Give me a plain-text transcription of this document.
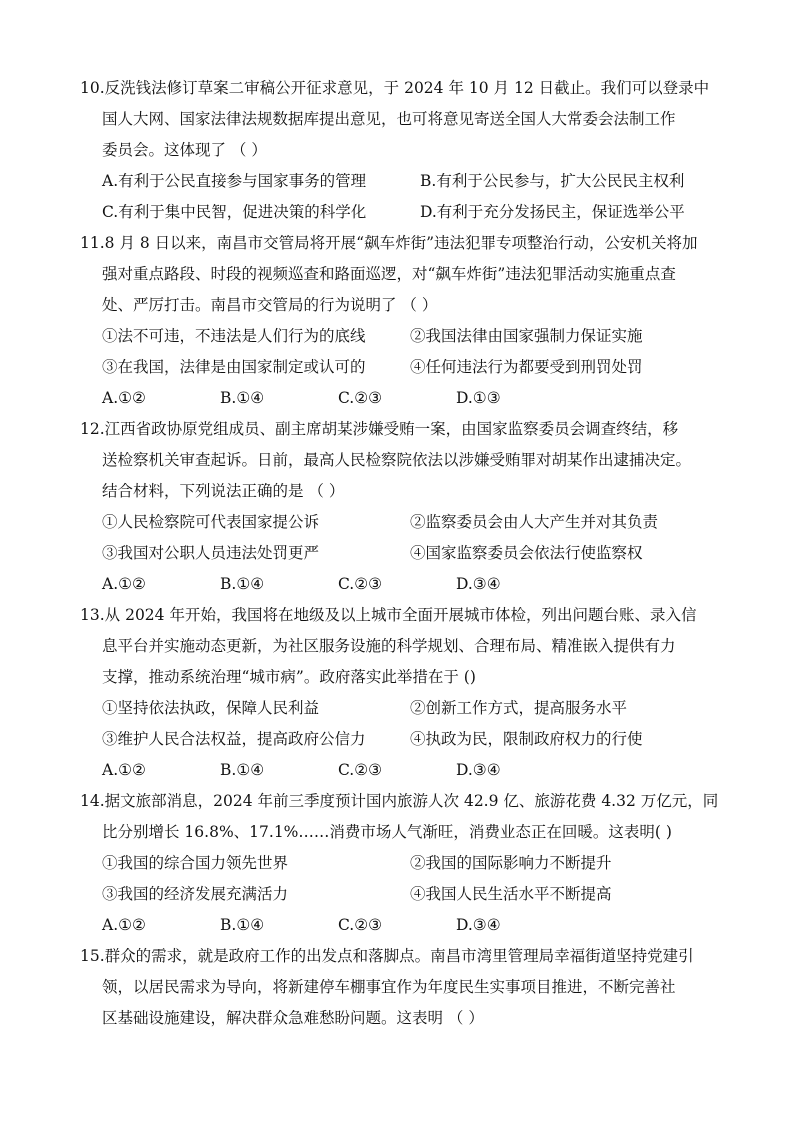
10.反洗钱法修订草案二审稿公开征求意见，于 2024 年 10 月 12 日截止。我们可以登录中
国人大网、国家法律法规数据库提出意见，也可将意见寄送全国人大常委会法制工作
委员会。这体现了 （ ）
A.有利于公民直接参与国家事务的管理	B.有利于公民参与，扩大公民民主权利
C.有利于集中民智，促进决策的科学化	D.有利于充分发扬民主，保证选举公平
11.8 月 8 日以来，南昌市交管局将开展“飙车炸街”违法犯罪专项整治行动，公安机关将加
强对重点路段、时段的视频巡查和路面巡逻，对“飙车炸街”违法犯罪活动实施重点查
处、严厉打击。南昌市交管局的行为说明了 （ ）
①法不可违，不违法是人们行为的底线	②我国法律由国家强制力保证实施
③在我国，法律是由国家制定或认可的	④任何违法行为都要受到刑罚处罚
A.①②	B.①④	C.②③	D.①③
12.江西省政协原党组成员、副主席胡某涉嫌受贿一案，由国家监察委员会调查终结，移
送检察机关审查起诉。日前，最高人民检察院依法以涉嫌受贿罪对胡某作出逮捕决定。
结合材料，下列说法正确的是 （ ）
①人民检察院可代表国家提公诉	②监察委员会由人大产生并对其负责
③我国对公职人员违法处罚更严	④国家监察委员会依法行使监察权
A.①②	B.①④	C.②③	D.③④
13.从 2024 年开始，我国将在地级及以上城市全面开展城市体检，列出问题台账、录入信
息平台并实施动态更新，为社区服务设施的科学规划、合理布局、精准嵌入提供有力
支撑，推动系统治理“城市病”。政府落实此举措在于 ()
①坚持依法执政，保障人民利益	②创新工作方式，提高服务水平
③维护人民合法权益，提高政府公信力	④执政为民，限制政府权力的行使
A.①②	B.①④	C.②③	D.③④
14.据文旅部消息，2024 年前三季度预计国内旅游人次 42.9 亿、旅游花费 4.32 万亿元，同
比分别增长 16.8%、17.1%……消费市场人气渐旺，消费业态正在回暖。这表明( )
①我国的综合国力领先世界	②我国的国际影响力不断提升
③我国的经济发展充满活力	④我国人民生活水平不断提高
A.①②	B.①④	C.②③	D.③④
15.群众的需求，就是政府工作的出发点和落脚点。南昌市湾里管理局幸福街道坚持党建引
领，以居民需求为导向，将新建停车棚事宜作为年度民生实事项目推进，不断完善社
区基础设施建设，解决群众急难愁盼问题。这表明 （ ）
